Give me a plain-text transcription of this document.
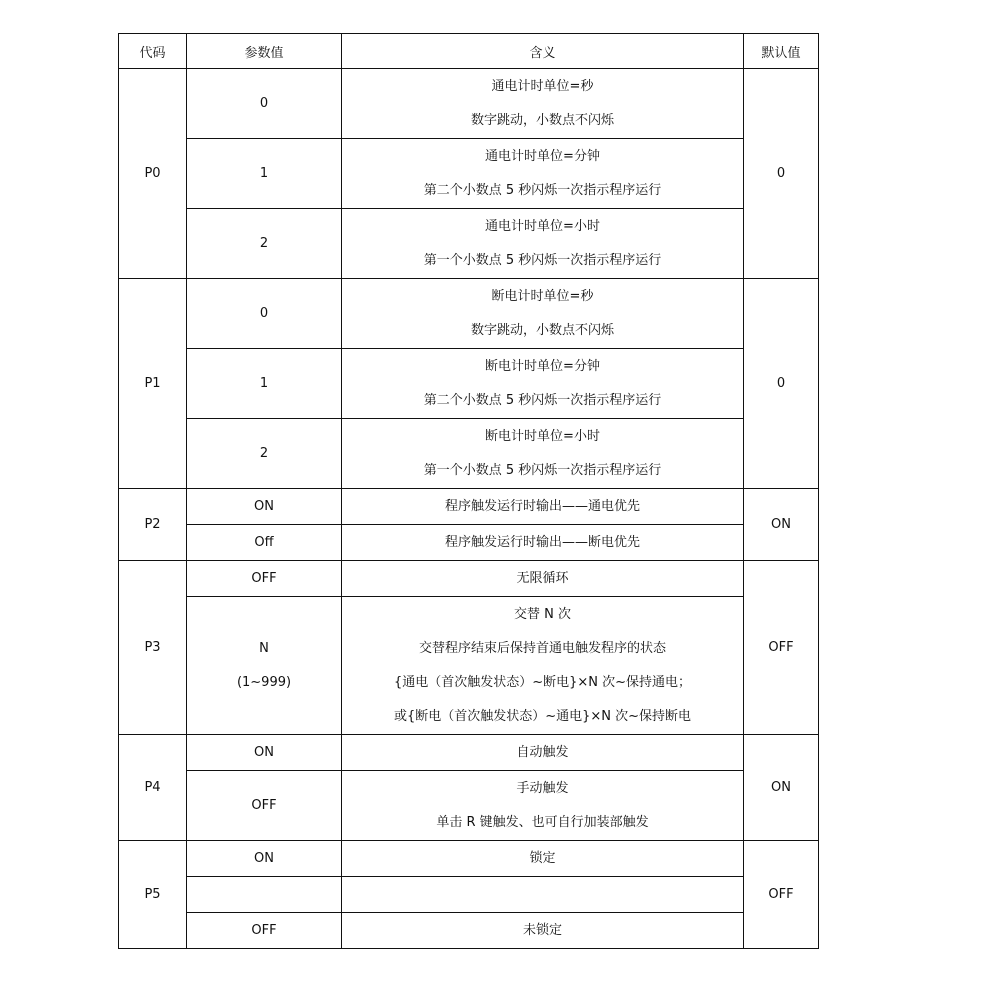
代码	参数值	含义	默认值

P0	0	通电计时单位=秒
数字跳动，小数点不闪烁	0

	1	通电计时单位=分钟
第二个小数点 5 秒闪烁一次指示程序运行	

	2	通电计时单位=小时
第一个小数点 5 秒闪烁一次指示程序运行	

P1	0	断电计时单位=秒
数字跳动，小数点不闪烁	0

	1	断电计时单位=分钟
第二个小数点 5 秒闪烁一次指示程序运行	

	2	断电计时单位=小时
第一个小数点 5 秒闪烁一次指示程序运行	

P2	ON	程序触发运行时输出——通电优先	ON

	Off	程序触发运行时输出——断电优先	

P3	OFF	无限循环	OFF

	N
(1~999)	交替 N 次
交替程序结束后保持首通电触发程序的状态
{通电（首次触发状态）~断电}×N 次~保持通电；
或{断电（首次触发状态）~通电}×N 次~保持断电	

P4	ON	自动触发	ON

	OFF	手动触发
单击 R 键触发、也可自行加装部触发	

P5	ON	锁定	OFF

	OFF	未锁定	
